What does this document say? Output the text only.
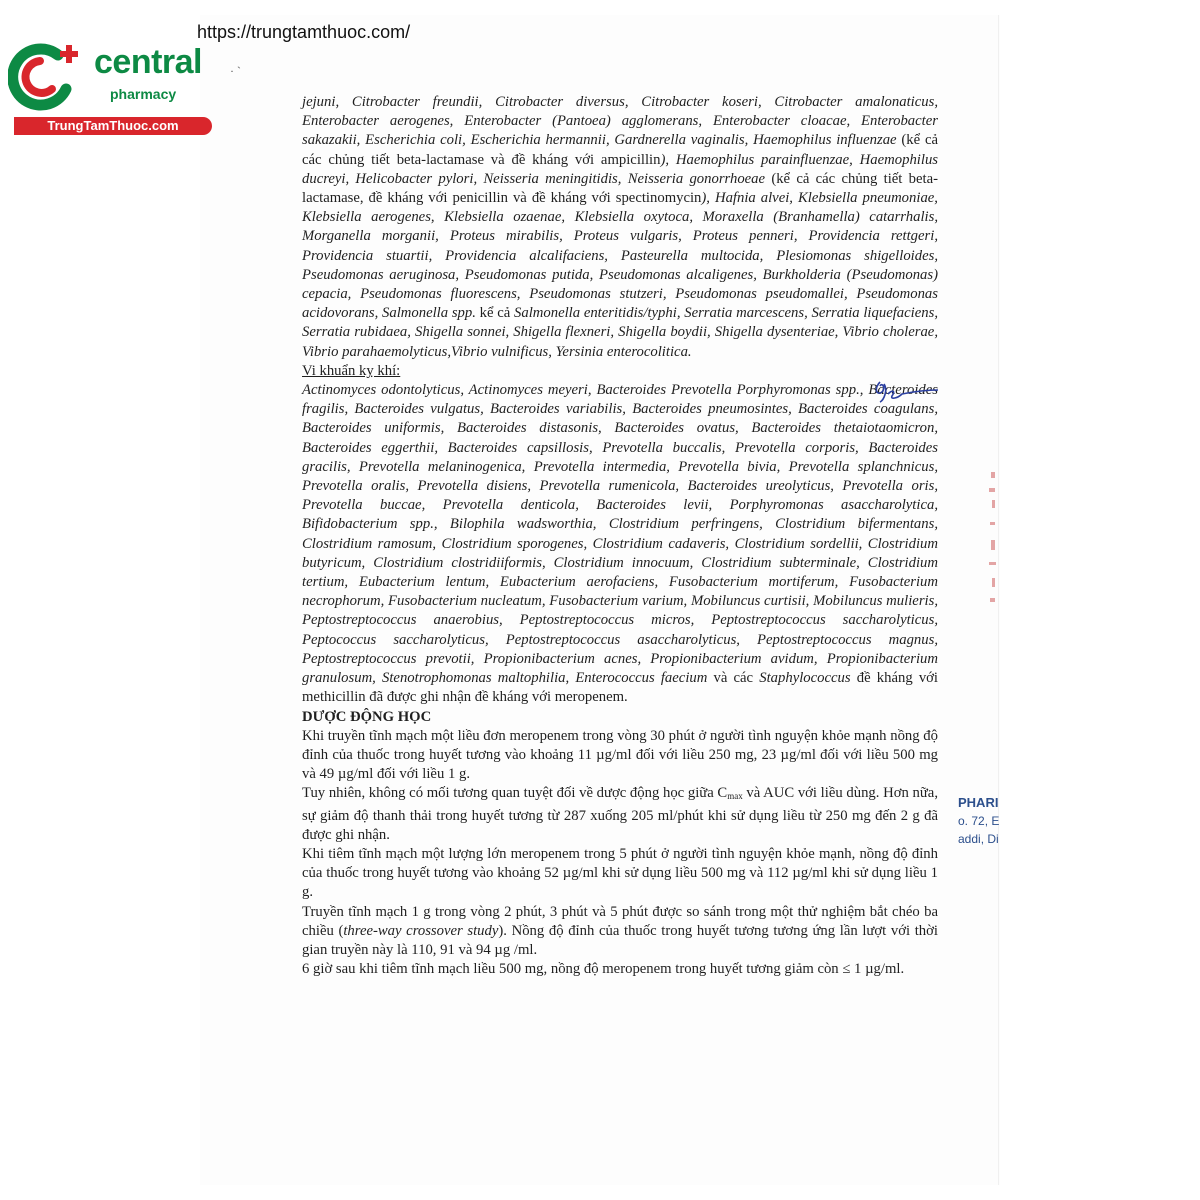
https://trungtamthuoc.com/
central
pharmacy
TrungTamThuoc.com
· ˋ

jejuni, Citrobacter freundii, Citrobacter diversus, Citrobacter koseri, Citrobacter amalonaticus, Enterobacter aerogenes, Enterobacter (Pantoea) agglomerans, Enterobacter cloacae, Enterobacter sakazakii, Escherichia coli, Escherichia hermannii, Gardnerella vaginalis, Haemophilus influenzae (kể cả các chủng tiết beta-lactamase và đề kháng với ampicillin), Haemophilus parainfluenzae, Haemophilus ducreyi, Helicobacter pylori, Neisseria meningitidis, Neisseria gonorrhoeae (kể cả các chủng tiết beta-lactamase, đề kháng với penicillin và đề kháng với spectinomycin), Hafnia alvei, Klebsiella pneumoniae, Klebsiella aerogenes, Klebsiella ozaenae, Klebsiella oxytoca, Moraxella (Branhamella) catarrhalis, Morganella morganii, Proteus mirabilis, Proteus vulgaris, Proteus penneri, Providencia rettgeri, Providencia stuartii, Providencia alcalifaciens, Pasteurella multocida, Plesiomonas shigelloides, Pseudomonas aeruginosa, Pseudomonas putida, Pseudomonas alcaligenes, Burkholderia (Pseudomonas) cepacia, Pseudomonas fluorescens, Pseudomonas stutzeri, Pseudomonas pseudomallei, Pseudomonas acidovorans, Salmonella spp. kể cả Salmonella enteritidis/typhi, Serratia marcescens, Serratia liquefaciens, Serratia rubidaea, Shigella sonnei, Shigella flexneri, Shigella boydii, Shigella dysenteriae, Vibrio cholerae, Vibrio parahaemolyticus,Vibrio vulnificus, Yersinia enterocolitica.

Vi khuẩn kỵ khí:

Actinomyces odontolyticus, Actinomyces meyeri, Bacteroides Prevotella Porphyromonas spp., Bacteroides fragilis, Bacteroides vulgatus, Bacteroides variabilis, Bacteroides pneumosintes, Bacteroides coagulans, Bacteroides uniformis, Bacteroides distasonis, Bacteroides ovatus, Bacteroides thetaiotaomicron, Bacteroides eggerthii, Bacteroides capsillosis, Prevotella buccalis, Prevotella corporis, Bacteroides gracilis, Prevotella melaninogenica, Prevotella intermedia, Prevotella bivia, Prevotella splanchnicus, Prevotella oralis, Prevotella disiens, Prevotella rumenicola, Bacteroides ureolyticus, Prevotella oris, Prevotella buccae, Prevotella denticola, Bacteroides levii, Porphyromonas asaccharolytica, Bifidobacterium spp., Bilophila wadsworthia, Clostridium perfringens, Clostridium bifermentans, Clostridium ramosum, Clostridium sporogenes, Clostridium cadaveris, Clostridium sordellii, Clostridium butyricum, Clostridium clostridiiformis, Clostridium innocuum, Clostridium subterminale, Clostridium tertium, Eubacterium lentum, Eubacterium aerofaciens, Fusobacterium mortiferum, Fusobacterium necrophorum, Fusobacterium nucleatum, Fusobacterium varium, Mobiluncus curtisii, Mobiluncus mulieris, Peptostreptococcus anaerobius, Peptostreptococcus micros, Peptostreptococcus saccharolyticus, Peptococcus saccharolyticus, Peptostreptococcus asaccharolyticus, Peptostreptococcus magnus, Peptostreptococcus prevotii, Propionibacterium acnes, Propionibacterium avidum, Propionibacterium granulosum, Stenotrophomonas maltophilia, Enterococcus faecium và các Staphylococcus đề kháng với methicillin đã được ghi nhận đề kháng với meropenem.

DƯỢC ĐỘNG HỌC

Khi truyền tĩnh mạch một liều đơn meropenem trong vòng 30 phút ở người tình nguyện khỏe mạnh nồng độ đỉnh của thuốc trong huyết tương vào khoảng 11 µg/ml đối với liều 250 mg, 23 µg/ml đối với liều 500 mg và 49 µg/ml đối với liều 1 g.

Tuy nhiên, không có mối tương quan tuyệt đối về dược động học giữa $C_{max}$ và AUC với liều dùng. Hơn nữa, sự giảm độ thanh thải trong huyết tương từ 287 xuống 205 ml/phút khi sử dụng liều từ 250 mg đến 2 g đã được ghi nhận.

Khi tiêm tĩnh mạch một lượng lớn meropenem trong 5 phút ở người tình nguyện khỏe mạnh, nồng độ đỉnh của thuốc trong huyết tương vào khoảng 52 µg/ml khi sử dụng liều 500 mg và 112 µg/ml khi sử dụng liều 1 g.

Truyền tĩnh mạch 1 g trong vòng 2 phút, 3 phút và 5 phút được so sánh trong một thử nghiệm bắt chéo ba chiều (three-way crossover study). Nồng độ đỉnh của thuốc trong huyết tương tương ứng lần lượt với thời gian truyền này là 110, 91 và 94 µg /ml.

6 giờ sau khi tiêm tĩnh mạch liều 500 mg, nồng độ meropenem trong huyết tương giảm còn ≤ 1 µg/ml.

PHARI
o. 72, E
addi, Di
